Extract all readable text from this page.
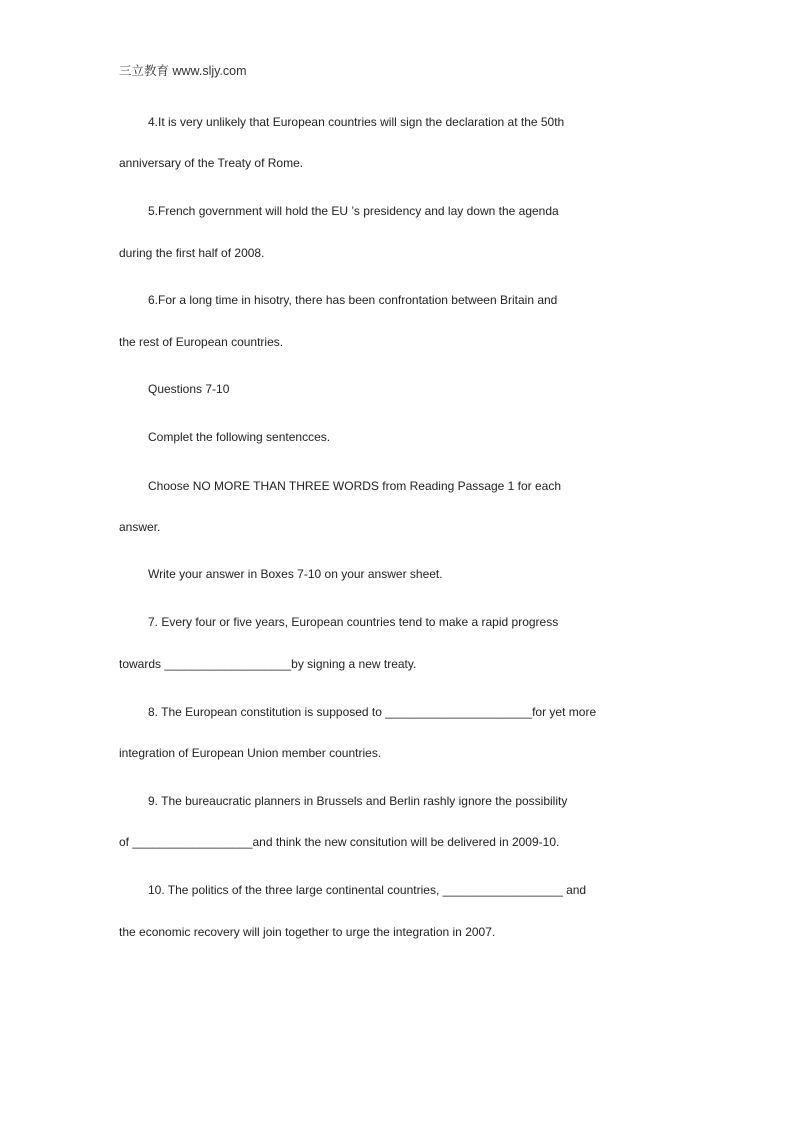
三立教育 www.sljy.com
4.It is very unlikely that European countries will sign the declaration at the 50th
anniversary of the Treaty of Rome.
5.French government will hold the EU ’s presidency and lay down the agenda
during the first half of 2008.
6.For a long time in hisotry, there has been confrontation between Britain and
the rest of European countries.
Questions 7-10
Complet the following sentencces.
Choose NO MORE THAN THREE WORDS from Reading Passage 1 for each
answer.
Write your answer in Boxes 7-10 on your answer sheet.
7. Every four or five years, European countries tend to make a rapid progress
towards ___________________by signing a new treaty.
8. The European constitution is supposed to ______________________for yet more
integration of European Union member countries.
9. The bureaucratic planners in Brussels and Berlin rashly ignore the possibility
of __________________and think the new consitution will be delivered in 2009-10.
10. The politics of the three large continental countries, __________________ and
the economic recovery will join together to urge the integration in 2007.
